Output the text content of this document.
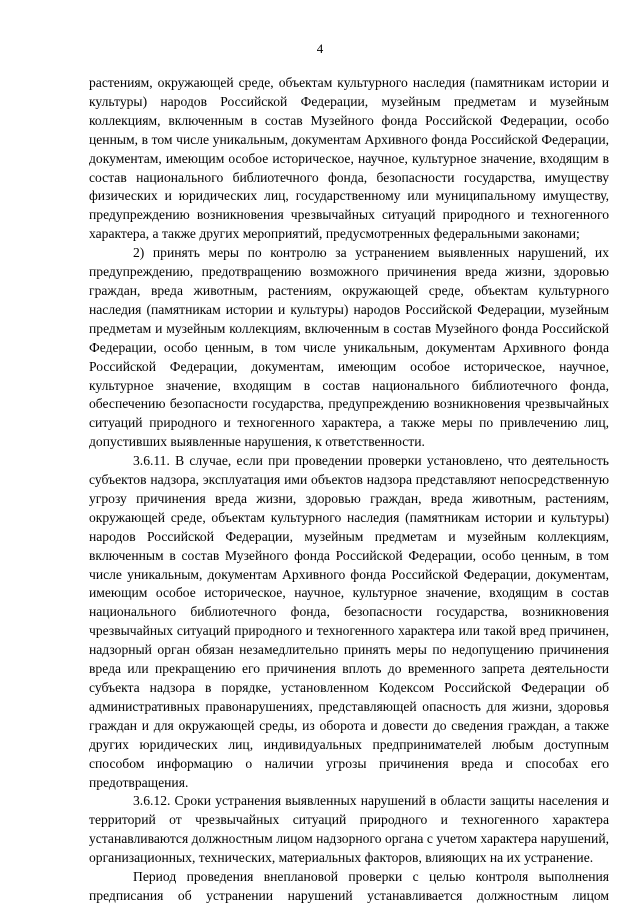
4

растениям, окружающей среде, объектам культурного наследия (памятникам истории и культуры) народов Российской Федерации, музейным предметам и музейным коллекциям, включенным в состав Музейного фонда Российской Федерации, особо ценным, в том числе уникальным, документам Архивного фонда Российской Федерации, документам, имеющим особое историческое, научное, культурное значение, входящим в состав национального библиотечного фонда, безопасности государства, имуществу физических и юридических лиц, государственному или муниципальному имуществу, предупреждению возникновения чрезвычайных ситуаций природного и техногенного характера, а также других мероприятий, предусмотренных федеральными законами;

2) принять меры по контролю за устранением выявленных нарушений, их предупреждению, предотвращению возможного причинения вреда жизни, здоровью граждан, вреда животным, растениям, окружающей среде, объектам культурного наследия (памятникам истории и культуры) народов Российской Федерации, музейным предметам и музейным коллекциям, включенным в состав Музейного фонда Российской Федерации, особо ценным, в том числе уникальным, документам Архивного фонда Российской Федерации, документам, имеющим особое историческое, научное, культурное значение, входящим в состав национального библиотечного фонда, обеспечению безопасности государства, предупреждению возникновения чрезвычайных ситуаций природного и техногенного характера, а также меры по привлечению лиц, допустивших выявленные нарушения, к ответственности.

3.6.11. В случае, если при проведении проверки установлено, что деятельность субъектов надзора, эксплуатация ими объектов надзора представляют непосредственную угрозу причинения вреда жизни, здоровью граждан, вреда животным, растениям, окружающей среде, объектам культурного наследия (памятникам истории и культуры) народов Российской Федерации, музейным предметам и музейным коллекциям, включенным в состав Музейного фонда Российской Федерации, особо ценным, в том числе уникальным, документам Архивного фонда Российской Федерации, документам, имеющим особое историческое, научное, культурное значение, входящим в состав национального библиотечного фонда, безопасности государства, возникновения чрезвычайных ситуаций природного и техногенного характера или такой вред причинен, надзорный орган обязан незамедлительно принять меры по недопущению причинения вреда или прекращению его причинения вплоть до временного запрета деятельности субъекта надзора в порядке, установленном Кодексом Российской Федерации об административных правонарушениях, представляющей опасность для жизни, здоровья граждан и для окружающей среды, из оборота и довести до сведения граждан, а также других юридических лиц, индивидуальных предпринимателей любым доступным способом информацию о наличии угрозы причинения вреда и способах его предотвращения.

3.6.12. Сроки устранения выявленных нарушений в области защиты населения и территорий от чрезвычайных ситуаций природного и техногенного характера устанавливаются должностным лицом надзорного органа с учетом характера нарушений, организационных, технических, материальных факторов, влияющих на их устранение.

Период проведения внеплановой проверки с целью контроля выполнения предписания об устранении нарушений устанавливается должностным лицом
